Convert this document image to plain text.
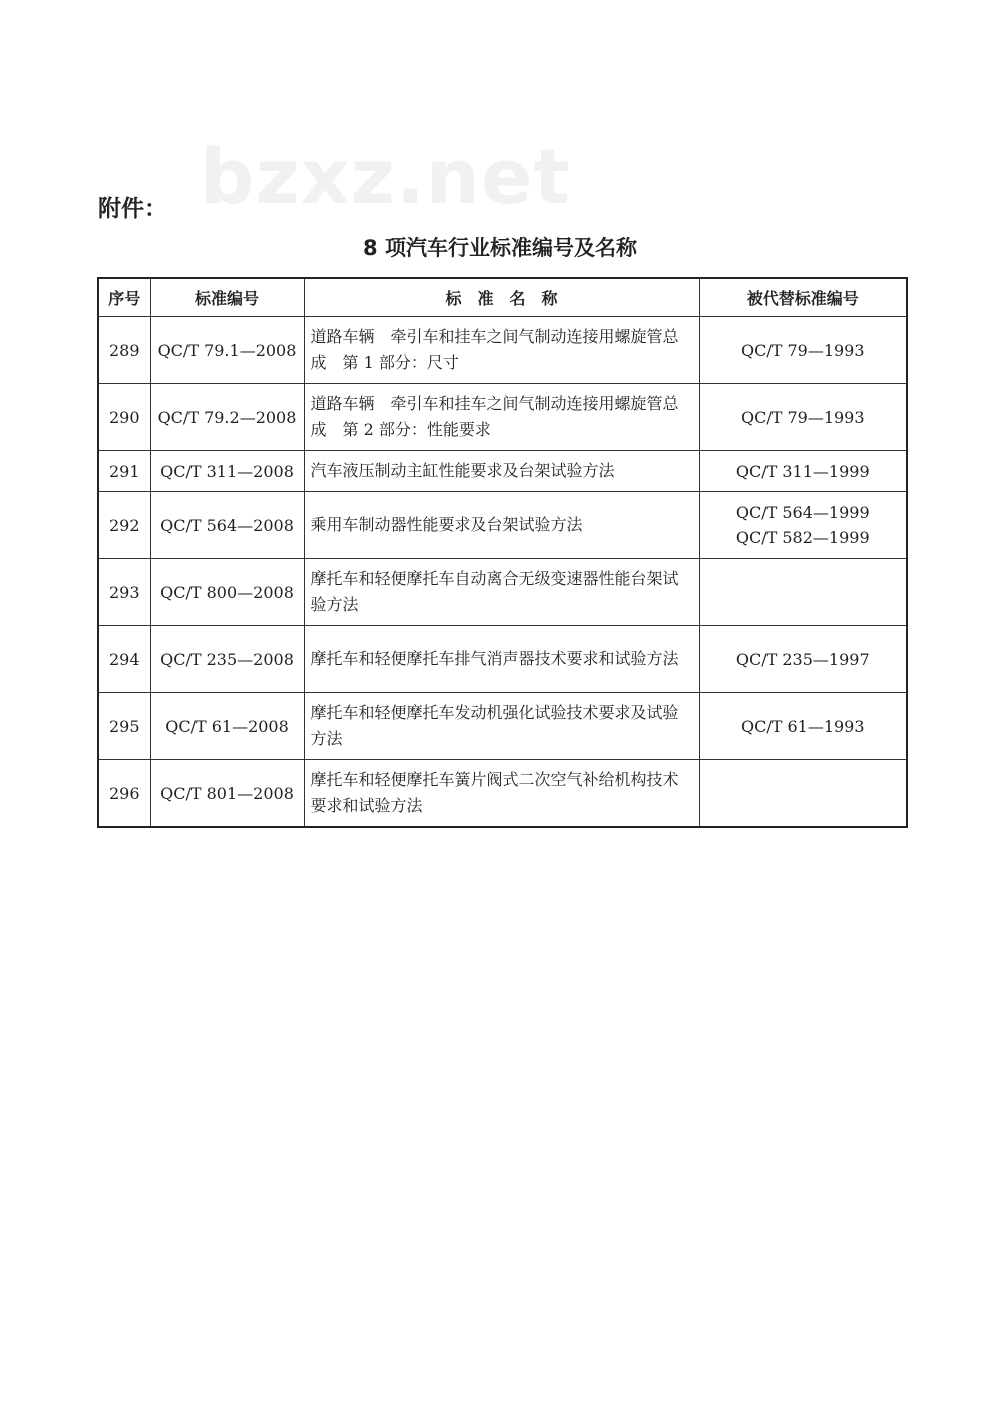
bzxz.net
附件：
8 项汽车行业标准编号及名称
序号	标准编号	标　准　名　称	被代替标准编号
289	QC/T 79.1—2008	道路车辆　牵引车和挂车之间气制动连接用螺旋管总成　第 1 部分：尺寸	QC/T 79—1993

290	QC/T 79.2—2008	道路车辆　牵引车和挂车之间气制动连接用螺旋管总成　第 2 部分：性能要求	QC/T 79—1993

291	QC/T 311—2008	汽车液压制动主缸性能要求及台架试验方法	QC/T 311—1999

292	QC/T 564—2008	乘用车制动器性能要求及台架试验方法	QC/T 564—1999
QC/T 582—1999

293	QC/T 800—2008	摩托车和轻便摩托车自动离合无级变速器性能台架试验方法	
294	QC/T 235—2008	摩托车和轻便摩托车排气消声器技术要求和试验方法	QC/T 235—1997

295	QC/T 61—2008	摩托车和轻便摩托车发动机强化试验技术要求及试验方法	QC/T 61—1993

296	QC/T 801—2008	摩托车和轻便摩托车簧片阀式二次空气补给机构技术要求和试验方法	
